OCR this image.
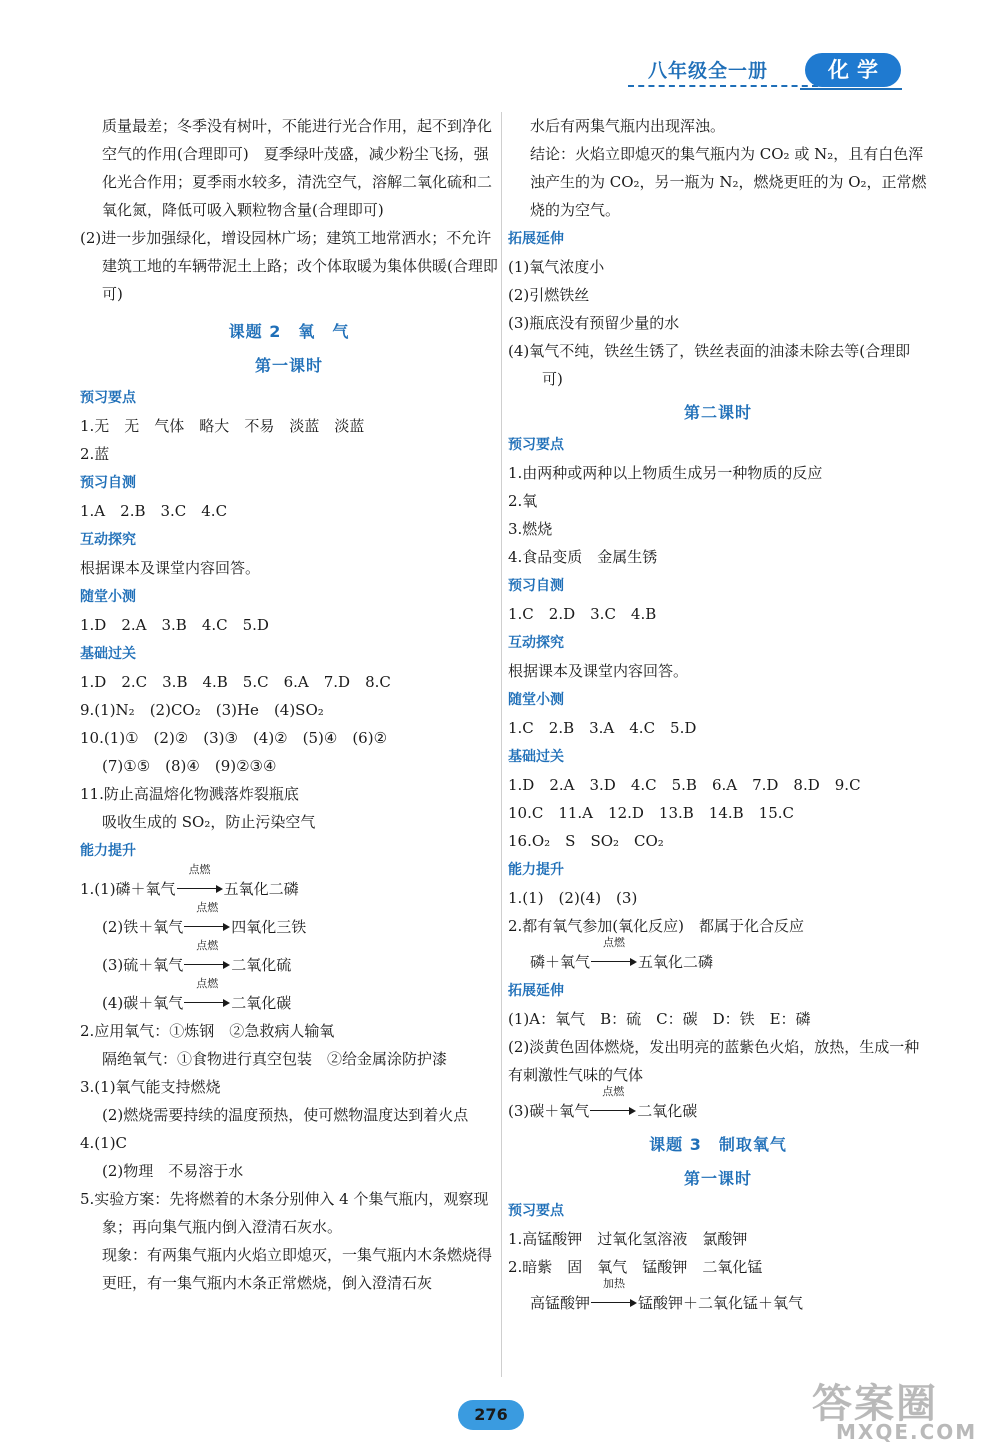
八年级全一册	化学
质量最差；冬季没有树叶，不能进行光合作用，起不到净化空气的作用(合理即可)　夏季绿叶茂盛，减少粉尘飞扬，强化光合作用；夏季雨水较多，清洗空气，溶解二氧化硫和二氧化氮，降低可吸入颗粒物含量(合理即可)
(2)进一步加强绿化，增设园林广场；建筑工地常洒水；不允许建筑工地的车辆带泥土上路；改个体取暖为集体供暖(合理即可)
课题 2　氧　气
第一课时
预习要点
1.无　无　气体　略大　不易　淡蓝　淡蓝
2.蓝
预习自测
1.A　2.B　3.C　4.C
互动探究
根据课本及课堂内容回答。
随堂小测
1.D　2.A　3.B　4.C　5.D
基础过关
1.D　2.C　3.B　4.B　5.C　6.A　7.D　8.C
9.(1)N₂　(2)CO₂　(3)He　(4)SO₂
10.(1)①　(2)②　(3)③　(4)②　(5)④　(6)②
(7)①⑤　(8)④　(9)②③④
11.防止高温熔化物溅落炸裂瓶底
吸收生成的 SO₂，防止污染空气
能力提升
1.(1)磷＋氧气
点燃
五氧化二磷
(2)铁＋氧气
点燃
四氧化三铁
(3)硫＋氧气
点燃
二氧化硫
(4)碳＋氧气
点燃
二氧化碳
2.应用氧气：①炼钢　②急救病人输氧
隔绝氧气：①食物进行真空包装　②给金属涂防护漆
3.(1)氧气能支持燃烧
(2)燃烧需要持续的温度预热，使可燃物温度达到着火点
4.(1)C
(2)物理　不易溶于水
5.实验方案：先将燃着的木条分别伸入 4 个集气瓶内，观察现象；再向集气瓶内倒入澄清石灰水。
现象：有两集气瓶内火焰立即熄灭，一集气瓶内木条燃烧得更旺，有一集气瓶内木条正常燃烧，倒入澄清石灰
水后有两集气瓶内出现浑浊。
结论：火焰立即熄灭的集气瓶内为 CO₂ 或 N₂，且有白色浑浊产生的为 CO₂，另一瓶为 N₂，燃烧更旺的为 O₂，正常燃烧的为空气。
拓展延伸
(1)氧气浓度小
(2)引燃铁丝
(3)瓶底没有预留少量的水
(4)氧气不纯，铁丝生锈了，铁丝表面的油漆未除去等(合理即可)
第二课时
预习要点
1.由两种或两种以上物质生成另一种物质的反应
2.氧
3.燃烧
4.食品变质　金属生锈
预习自测
1.C　2.D　3.C　4.B
互动探究
根据课本及课堂内容回答。
随堂小测
1.C　2.B　3.A　4.C　5.D
基础过关
1.D　2.A　3.D　4.C　5.B　6.A　7.D　8.D　9.C
10.C　11.A　12.D　13.B　14.B　15.C
16.O₂　S　SO₂　CO₂
能力提升
1.(1)　(2)(4)　(3)
2.都有氧气参加(氧化反应)　都属于化合反应
磷＋氧气
点燃
五氧化二磷
拓展延伸
(1)A：氧气　B：硫　C：碳　D：铁　E：磷
(2)淡黄色固体燃烧，发出明亮的蓝紫色火焰，放热，生成一种有刺激性气味的气体
(3)碳＋氧气
点燃
二氧化碳
课题 3　制取氧气
第一课时
预习要点
1.高锰酸钾　过氧化氢溶液　氯酸钾
2.暗紫　固　氧气　锰酸钾　二氧化锰
高锰酸钾
加热
锰酸钾＋二氧化锰＋氧气
276	答案圈
MXQE.COM
